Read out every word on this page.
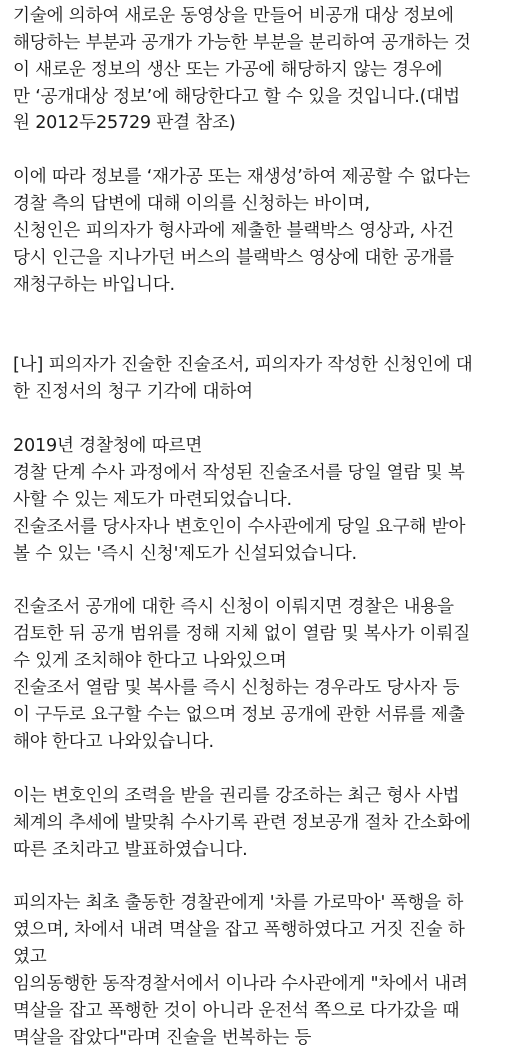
기술에 의하여 새로운 동영상을 만들어 비공개 대상 정보에
해당하는 부분과 공개가 가능한 부분을 분리하여 공개하는 것
이 새로운 정보의 생산 또는 가공에 해당하지 않는 경우에
만 ‘공개대상 정보’에 해당한다고 할 수 있을 것입니다.(대법
원 2012두25729 판결 참조)
이에 따라 정보를 ‘재가공 또는 재생성’하여 제공할 수 없다는
경찰 측의 답변에 대해 이의를 신청하는 바이며,
신청인은 피의자가 형사과에 제출한 블랙박스 영상과, 사건
당시 인근을 지나가던 버스의 블랙박스 영상에 대한 공개를
재청구하는 바입니다.
[나] 피의자가 진술한 진술조서, 피의자가 작성한 신청인에 대
한 진정서의 청구 기각에 대하여
2019년 경찰청에 따르면
경찰 단계 수사 과정에서 작성된 진술조서를 당일 열람 및 복
사할 수 있는 제도가 마련되었습니다.
진술조서를 당사자나 변호인이 수사관에게 당일 요구해 받아
볼 수 있는 '즉시 신청'제도가 신설되었습니다.
진술조서 공개에 대한 즉시 신청이 이뤄지면 경찰은 내용을
검토한 뒤 공개 범위를 정해 지체 없이 열람 및 복사가 이뤄질
수 있게 조치해야 한다고 나와있으며
진술조서 열람 및 복사를 즉시 신청하는 경우라도 당사자 등
이 구두로 요구할 수는 없으며 정보 공개에 관한 서류를 제출
해야 한다고 나와있습니다.
이는 변호인의 조력을 받을 권리를 강조하는 최근 형사 사법
체계의 추세에 발맞춰 수사기록 관련 정보공개 절차 간소화에
따른 조치라고 발표하였습니다.
피의자는 최초 출동한 경찰관에게 '차를 가로막아' 폭행을 하
였으며, 차에서 내려 멱살을 잡고 폭행하였다고 거짓 진술 하
였고
임의동행한 동작경찰서에서 이나라 수사관에게 "차에서 내려
멱살을 잡고 폭행한 것이 아니라 운전석 쪽으로 다가갔을 때
멱살을 잡았다"라며 진술을 번복하는 등
